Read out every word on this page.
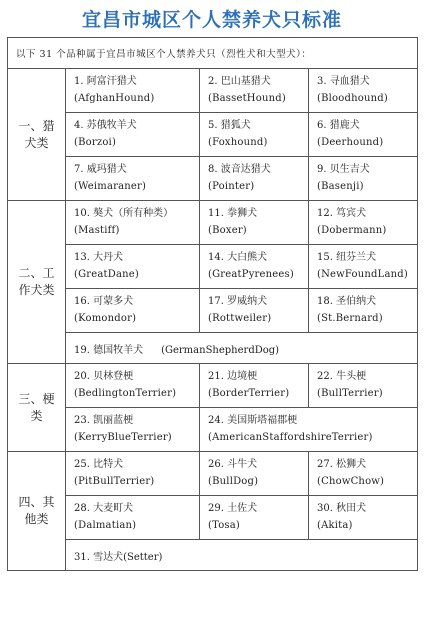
宜昌市城区个人禁养犬只标准
以下 31 个品种属于宜昌市城区个人禁养犬只（烈性犬和大型犬）：			
一、猎
犬类	1. 阿富汗猎犬
(AfghanHound)	2. 巴山基猎犬
(BassetHound)	3. 寻血猎犬
(Bloodhound)

	4. 苏俄牧羊犬
(Borzoi)	5. 猎狐犬
(Foxhound)	6. 猎鹿犬
(Deerhound)

	7. 威玛猎犬
(Weimaraner)	8. 波音达猎犬
(Pointer)	9. 贝生吉犬
(Basenji)

二、工
作犬类	10. 獒犬（所有种类）
(Mastiff)	11. 拳狮犬
(Boxer)	12. 笃宾犬
(Dobermann)

	13. 大丹犬
(GreatDane)	14. 大白熊犬
(GreatPyrenees)	15. 纽芬兰犬
(NewFoundLand)

	16. 可蒙多犬
(Komondor)	17. 罗威纳犬
(Rottweiler)	18. 圣伯纳犬
(St.Bernard)

	19. 德国牧羊犬 (GermanShepherdDog)		
三、梗
类	20. 贝林登梗
(BedlingtonTerrier)	21. 边境梗
(BorderTerrier)	22. 牛头梗
(BullTerrier)

	23. 凯丽蓝梗
(KerryBlueTerrier)	24. 美国斯塔福郡梗
(AmericanStaffordshireTerrier)	

四、其
他类	25. 比特犬
(PitBullTerrier)	26. 斗牛犬
(BullDog)	27. 松狮犬
(ChowChow)

	28. 大麦町犬
(Dalmatian)	29. 土佐犬
(Tosa)	30. 秋田犬
(Akita)

	31. 雪达犬(Setter)		
